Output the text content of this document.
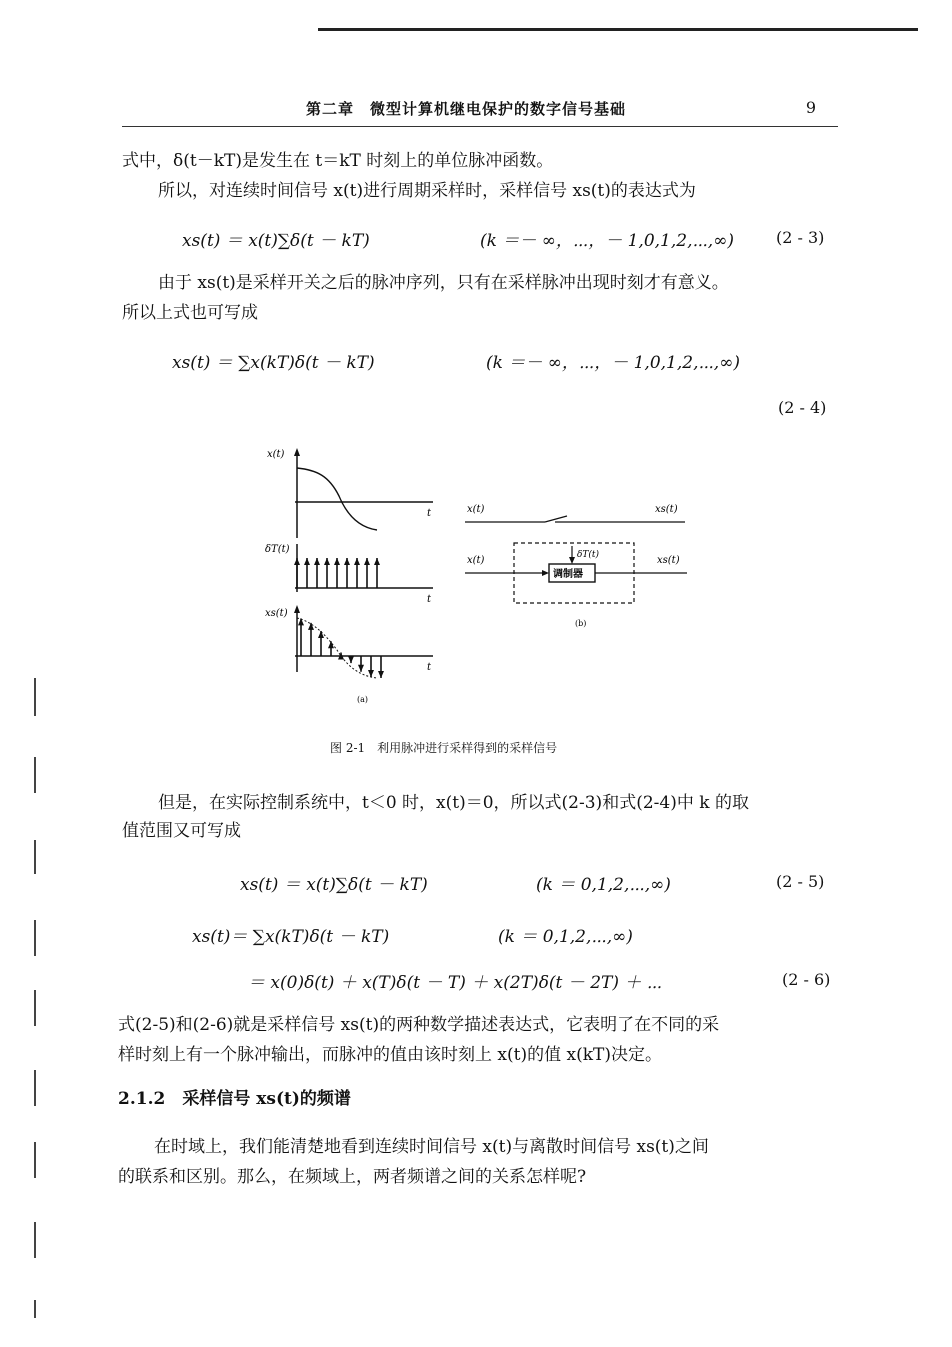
第二章　微型计算机继电保护的数字信号基础	9
式中，δ(t－kT)是发生在 t＝kT 时刻上的单位脉冲函数。
所以，对连续时间信号 x(t)进行周期采样时，采样信号 xs(t)的表达式为
xs(t) ＝ x(t)∑δ(t － kT)	(k ＝－ ∞，⋯，－ 1,0,1,2,⋯,∞)	(2 - 3)
由于 xs(t)是采样开关之后的脉冲序列，只有在采样脉冲出现时刻才有意义。
所以上式也可写成
xs(t) ＝ ∑x(kT)δ(t － kT)	(k ＝－ ∞，⋯，－ 1,0,1,2,⋯,∞)
(2 - 4)
x(t)
t
δT(t)
t
xs(t)
t
(a)
x(t)	xs(t)
调制器
δT(t)
x(t)	xs(t)
(b)
图 2-1　利用脉冲进行采样得到的采样信号
但是，在实际控制系统中，t＜0 时，x(t)＝0，所以式(2-3)和式(2-4)中 k 的取
值范围又可写成
xs(t) ＝ x(t)∑δ(t － kT)	(k ＝ 0,1,2,⋯,∞)	(2 - 5)
xs(t)＝ ∑x(kT)δ(t － kT)	(k ＝ 0,1,2,⋯,∞)
＝ x(0)δ(t) ＋ x(T)δ(t － T) ＋ x(2T)δ(t － 2T) ＋ ⋯	(2 - 6)
式(2-5)和(2-6)就是采样信号 xs(t)的两种数学描述表达式，它表明了在不同的采
样时刻上有一个脉冲输出，而脉冲的值由该时刻上 x(t)的值 x(kT)决定。
2.1.2　采样信号 xs(t)的频谱
在时域上，我们能清楚地看到连续时间信号 x(t)与离散时间信号 xs(t)之间
的联系和区别。那么，在频域上，两者频谱之间的关系怎样呢?
